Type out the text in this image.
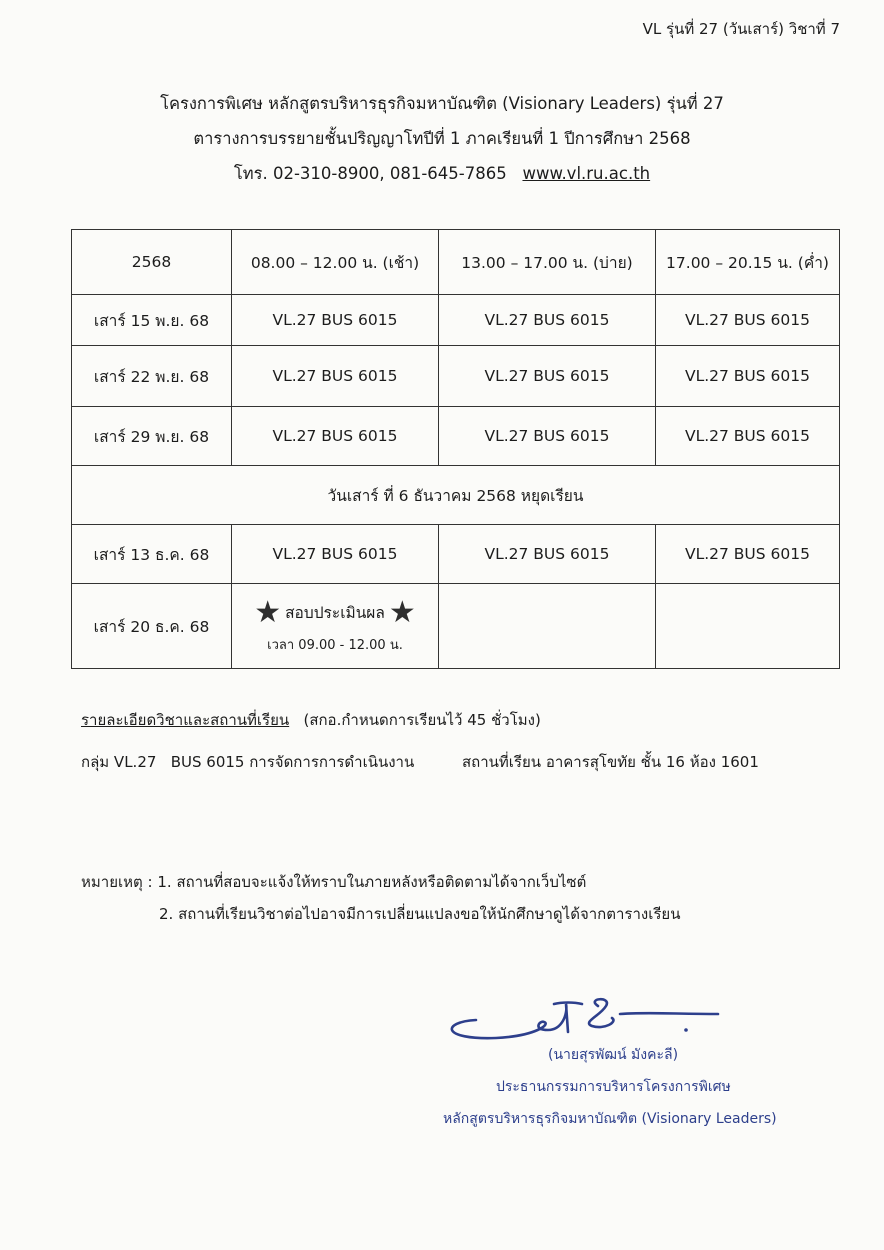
VL รุ่นที่ 27 (วันเสาร์) วิชาที่ 7
โครงการพิเศษ หลักสูตรบริหารธุรกิจมหาบัณฑิต (Visionary Leaders) รุ่นที่ 27
ตารางการบรรยายชั้นปริญญาโทปีที่ 1 ภาคเรียนที่ 1 ปีการศึกษา 2568
โทร. 02-310-8900, 081-645-7865 www.vl.ru.ac.th
2568	08.00 – 12.00 น. (เช้า)	13.00 – 17.00 น. (บ่าย)	17.00 – 20.15 น. (ค่ำ)
เสาร์ 15 พ.ย. 68	VL.27 BUS 6015	VL.27 BUS 6015	VL.27 BUS 6015
เสาร์ 22 พ.ย. 68	VL.27 BUS 6015	VL.27 BUS 6015	VL.27 BUS 6015
เสาร์ 29 พ.ย. 68	VL.27 BUS 6015	VL.27 BUS 6015	VL.27 BUS 6015
วันเสาร์ ที่ 6 ธันวาคม 2568 หยุดเรียน			
เสาร์ 13 ธ.ค. 68	VL.27 BUS 6015	VL.27 BUS 6015	VL.27 BUS 6015
เสาร์ 20 ธ.ค. 68	★ สอบประเมินผล ★
เวลา 09.00 - 12.00 น.		

รายละเอียดวิชาและสถานที่เรียน (สกอ.กำหนดการเรียนไว้ 45 ชั่วโมง)
กลุ่ม VL.27 BUS 6015 การจัดการการดำเนินงาน	สถานที่เรียน อาคารสุโขทัย ชั้น 16 ห้อง 1601
หมายเหตุ : 1. สถานที่สอบจะแจ้งให้ทราบในภายหลังหรือติดตามได้จากเว็บไซต์
2. สถานที่เรียนวิชาต่อไปอาจมีการเปลี่ยนแปลงขอให้นักศึกษาดูได้จากตารางเรียน
(นายสุรพัฒน์ มังคะลี)
ประธานกรรมการบริหารโครงการพิเศษ
หลักสูตรบริหารธุรกิจมหาบัณฑิต (Visionary Leaders)
